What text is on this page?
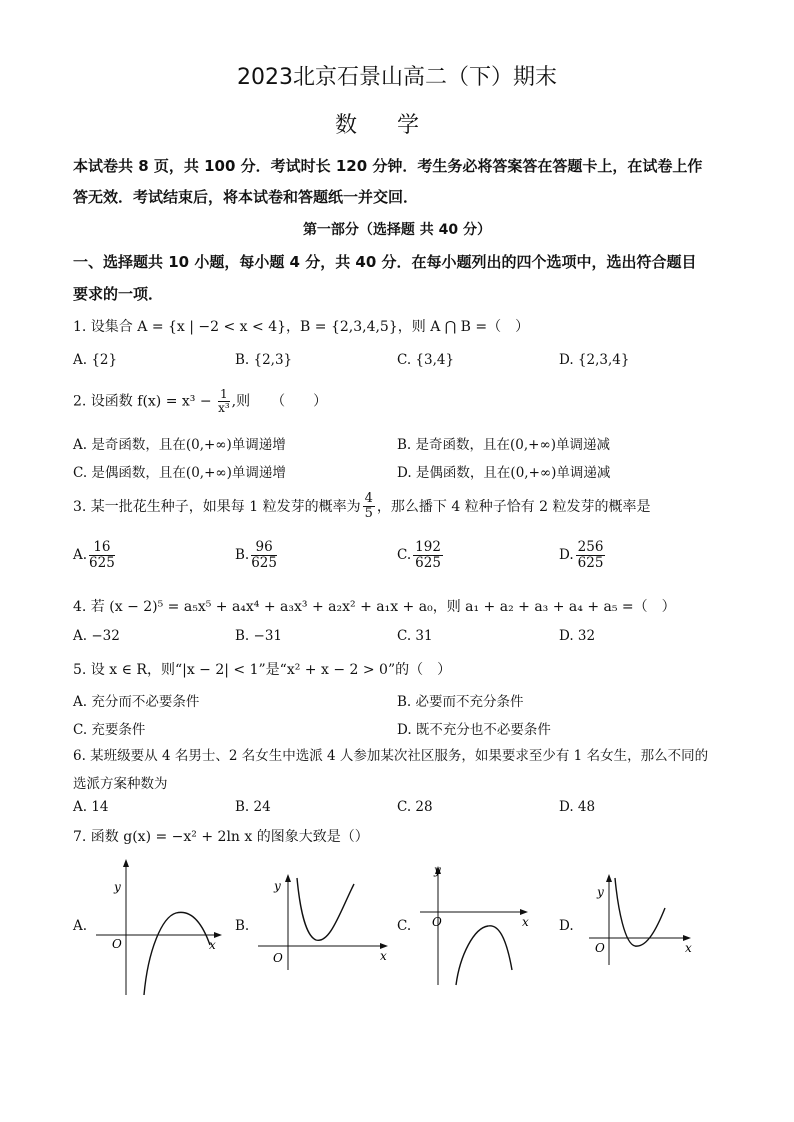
2023北京石景山高二（下）期末
数学
本试卷共 8 页，共 100 分．考试时长 120 分钟．考生务必将答案答在答题卡上，在试卷上作
答无效．考试结束后，将本试卷和答题纸一并交回．
第一部分（选择题 共 40 分）
一、选择题共 10 小题，每小题 4 分，共 40 分．在每小题列出的四个选项中，选出符合题目
要求的一项．
1. 设集合 A = {x | −2 < x < 4}，B = {2,3,4,5}，则 A ⋂ B =（　）
A. {2}	B. {2,3}	C. {3,4}	D. {2,3,4}
2. 设函数 $f(x) = x^3 - \frac{1}{\text{x³}}$ ,则　　（　　）
A. 是奇函数，且在(0,+∞)单调递增	B. 是奇函数，且在(0,+∞)单调递减
C. 是偶函数，且在(0,+∞)单调递增	D. 是偶函数，且在(0,+∞)单调递减
3. 某一批花生种子，如果每 1 粒发芽的概率为 $\frac{4}{5}$ ，那么播下 4 粒种子恰有 2 粒发芽的概率是
A. $\frac{16}{625}$	B. $\frac{96}{625}$	C. $\frac{192}{625}$	D. $\frac{256}{625}$
4. 若 (x − 2)⁵ = a₅x⁵ + a₄x⁴ + a₃x³ + a₂x² + a₁x + a₀，则 a₁ + a₂ + a₃ + a₄ + a₅ =（　）
A. −32	B. −31	C. 31	D. 32
5. 设 x ∈ R，则“|x − 2| < 1”是“x² + x − 2 > 0”的（　）
A. 充分而不必要条件	B. 必要而不充分条件
C. 充要条件	D. 既不充分也不必要条件
6. 某班级要从 4 名男士、2 名女生中选派 4 人参加某次社区服务，如果要求至少有 1 名女生，那么不同的
选派方案种数为
A. 14	B. 24	C. 28	D. 48
7. 函数 g(x) = −x² + 2ln x 的图象大致是（）
A.	B.	C.	D.
y
O	x
y
O	x
y
O	x
y
O	x
